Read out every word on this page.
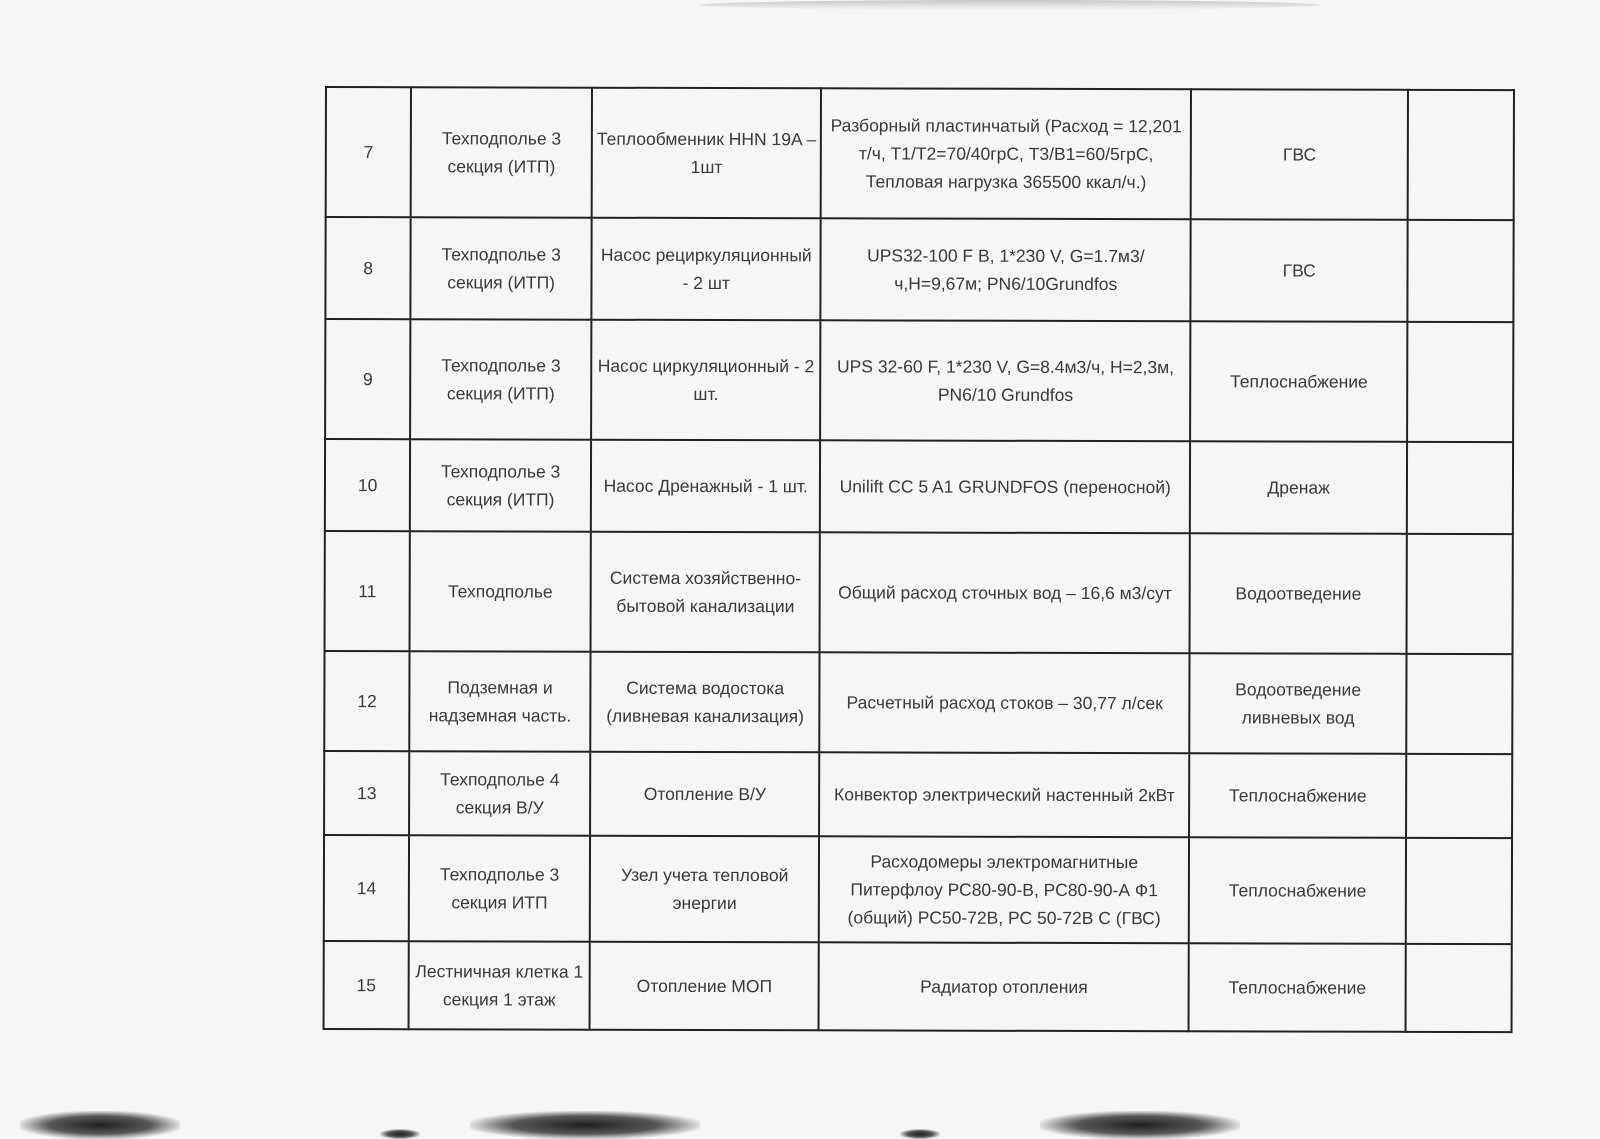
7	Техподполье 3 секция (ИТП)	Теплообменник HHN 19A – 1шт	Разборный пластинчатый (Расход = 12,201 т/ч, Т1/Т2=70/40грС, Т3/В1=60/5грС, Тепловая нагрузка 365500 ккал/ч.)	ГВС	
8	Техподполье 3 секция (ИТП)	Насос рециркуляционный - 2 шт	UPS32-100 F B, 1*230 V, G=1.7м3/ч,Н=9,67м; PN6/10Grundfos	ГВС	
9	Техподполье 3 секция (ИТП)	Насос циркуляционный - 2 шт.	UPS 32-60 F, 1*230 V, G=8.4м3/ч, H=2,3м, PN6/10 Grundfos	Теплоснабжение	
10	Техподполье 3 секция (ИТП)	Насос Дренажный - 1 шт.	Unilift CC 5 A1 GRUNDFOS (переносной)	Дренаж	
11	Техподполье	Система хозяйственно-бытовой канализации	Общий расход сточных вод – 16,6 м3/сут	Водоотведение	
12	Подземная и надземная часть.	Система водостока (ливневая канализация)	Расчетный расход стоков – 30,77 л/сек	Водоотведение ливневых вод	
13	Техподполье 4 секция В/У	Отопление В/У	Конвектор электрический настенный 2кВт	Теплоснабжение	
14	Техподполье 3 секция ИТП	Узел учета тепловой энергии	Расходомеры электромагнитные Питерфлоу РС80-90-В, РС80-90-А Ф1 (общий) РС50-72В, РС 50-72В С (ГВС)	Теплоснабжение	
15	Лестничная клетка 1 секция 1 этаж	Отопление МОП	Радиатор отопления	Теплоснабжение	
